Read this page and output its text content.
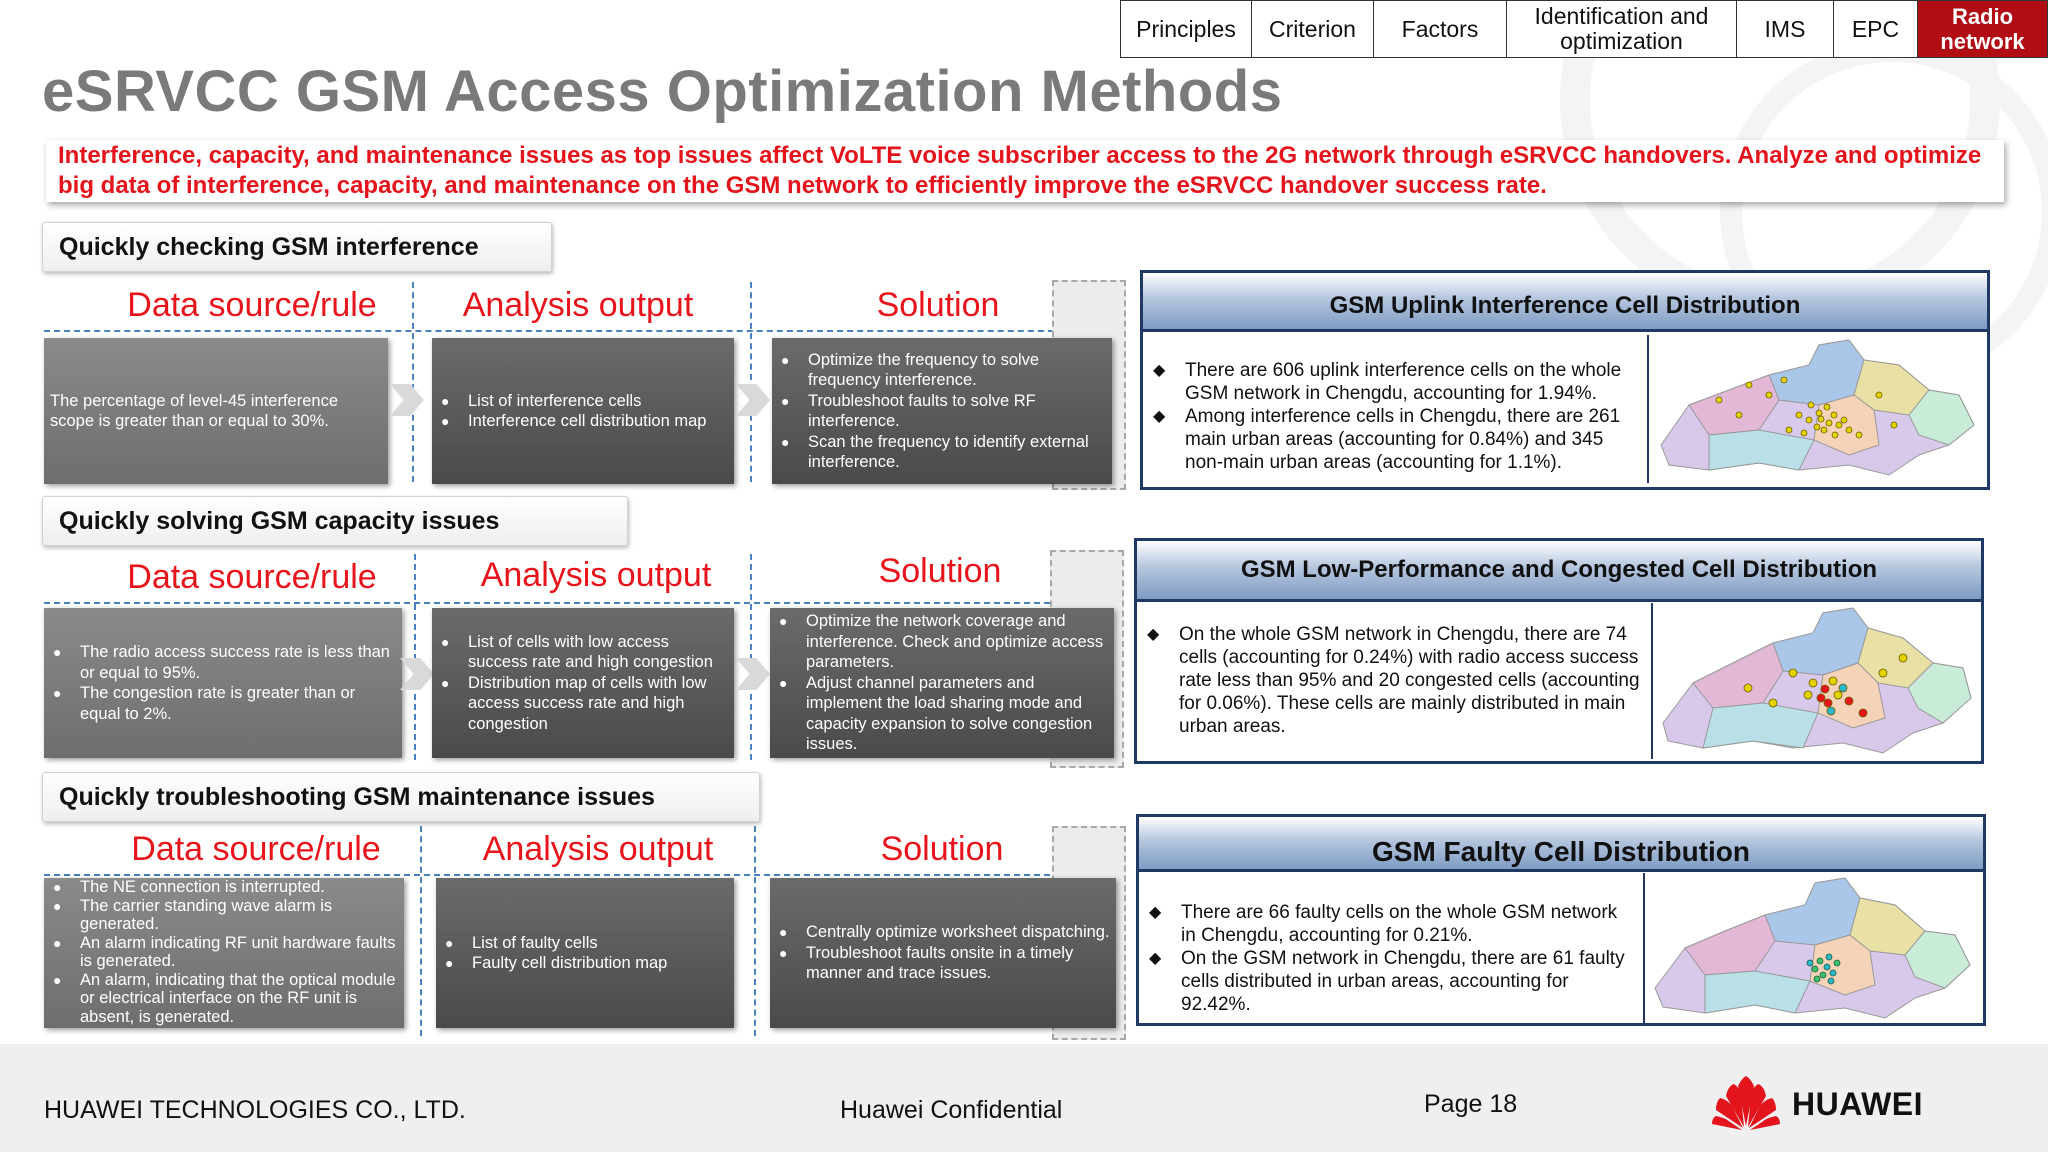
Principles	Criterion	Factors	Identification and optimization	IMS	EPC	Radio network
eSRVCC GSM Access Optimization Methods
Interference, capacity, and maintenance issues as top issues affect VoLTE voice subscriber access to the 2G network through eSRVCC handovers. Analyze and optimize big data of interference, capacity, and maintenance on the GSM network to efficiently improve the eSRVCC handover success rate.
Quickly checking GSM interference
Data source/rule	Analysis output	Solution
The percentage of level-45 interference scope is greater than or equal to 30%.
● List of interference cells
● Interference cell distribution map
● Optimize the frequency to solve frequency interference.
● Troubleshoot faults to solve RF interference.
● Scan the frequency to identify external interference.
Quickly solving GSM capacity issues
Data source/rule	Analysis output	Solution
● The radio access success rate is less than or equal to 95%.
● The congestion rate is greater than or equal to 2%.
● List of cells with low access success rate and high congestion
● Distribution map of cells with low access success rate and high congestion
● Optimize the network coverage and interference. Check and optimize access parameters.
● Adjust channel parameters and implement the load sharing mode and capacity expansion to solve congestion issues.
Quickly troubleshooting GSM maintenance issues
Data source/rule	Analysis output	Solution
● The NE connection is interrupted.
● The carrier standing wave alarm is generated.
● An alarm indicating RF unit hardware faults is generated.
● An alarm, indicating that the optical module or electrical interface on the RF unit is absent, is generated.
● List of faulty cells
● Faulty cell distribution map
● Centrally optimize worksheet dispatching.
● Troubleshoot faults onsite in a timely manner and trace issues.
GSM Uplink Interference Cell Distribution
◆ There are 606 uplink interference cells on the whole GSM network in Chengdu, accounting for 1.94%.
◆ Among interference cells in Chengdu, there are 261 main urban areas (accounting for 0.84%) and 345 non-main urban areas (accounting for 1.1%).
GSM Low-Performance and Congested Cell Distribution
◆ On the whole GSM network in Chengdu, there are 74 cells (accounting for 0.24%) with radio access success rate less than 95% and 20 congested cells (accounting for 0.06%). These cells are mainly distributed in main urban areas.
GSM Faulty Cell Distribution
◆ There are 66 faulty cells on the whole GSM network in Chengdu, accounting for 0.21%.
◆ On the GSM network in Chengdu, there are 61 faulty cells distributed in urban areas, accounting for 92.42%.
HUAWEI TECHNOLOGIES CO., LTD.	Huawei Confidential	Page 18	HUAWEI
